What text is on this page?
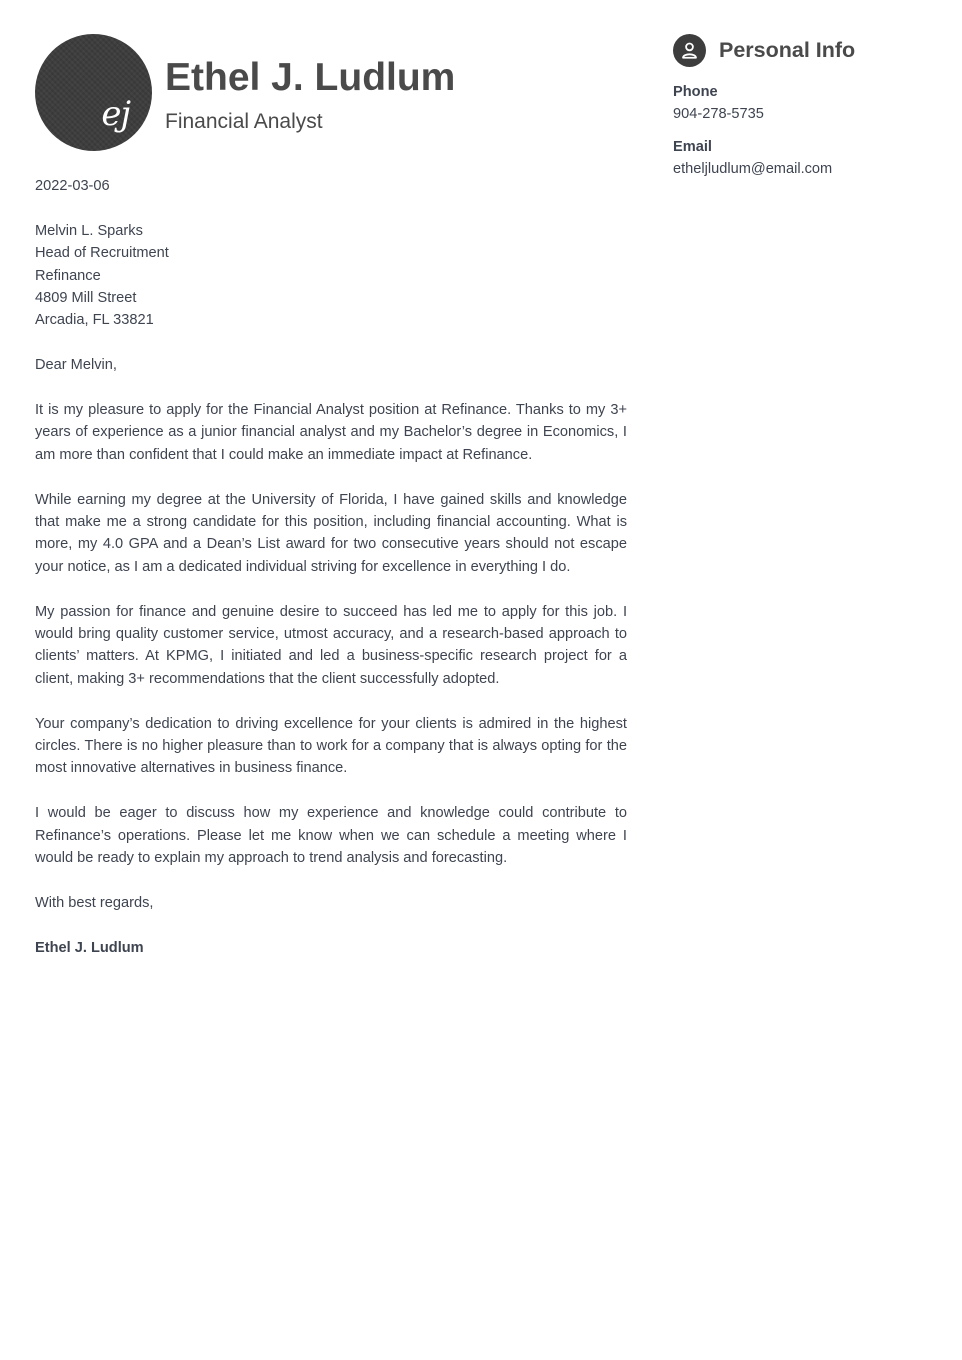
ej
Ethel J. Ludlum
Financial Analyst

2022-03-06

Melvin L. Sparks
Head of Recruitment
Refinance
4809 Mill Street
Arcadia, FL 33821

Dear Melvin,

It is my pleasure to apply for the Financial Analyst position at Refinance. Thanks to my 3+ years of experience as a junior financial analyst and my Bachelor’s degree in Economics, I am more than confident that I could make an immediate impact at Refinance.

While earning my degree at the University of Florida, I have gained skills and knowledge that make me a strong candidate for this position, including financial accounting. What is more, my 4.0 GPA and a Dean’s List award for two consecutive years should not escape your notice, as I am a dedicated individual striving for excellence in everything I do.

My passion for finance and genuine desire to succeed has led me to apply for this job. I would bring quality customer service, utmost accuracy, and a research-based approach to clients’ matters. At KPMG, I initiated and led a business-specific research project for a client, making 3+ recommendations that the client successfully adopted.

Your company’s dedication to driving excellence for your clients is admired in the highest circles. There is no higher pleasure than to work for a company that is always opting for the most innovative alternatives in business finance.

I would be eager to discuss how my experience and knowledge could contribute to Refinance’s operations. Please let me know when we can schedule a meeting where I would be ready to explain my approach to trend analysis and forecasting.

With best regards,

Ethel J. Ludlum

Personal Info
Phone
904-278-5735
Email
etheljludlum@email.com
